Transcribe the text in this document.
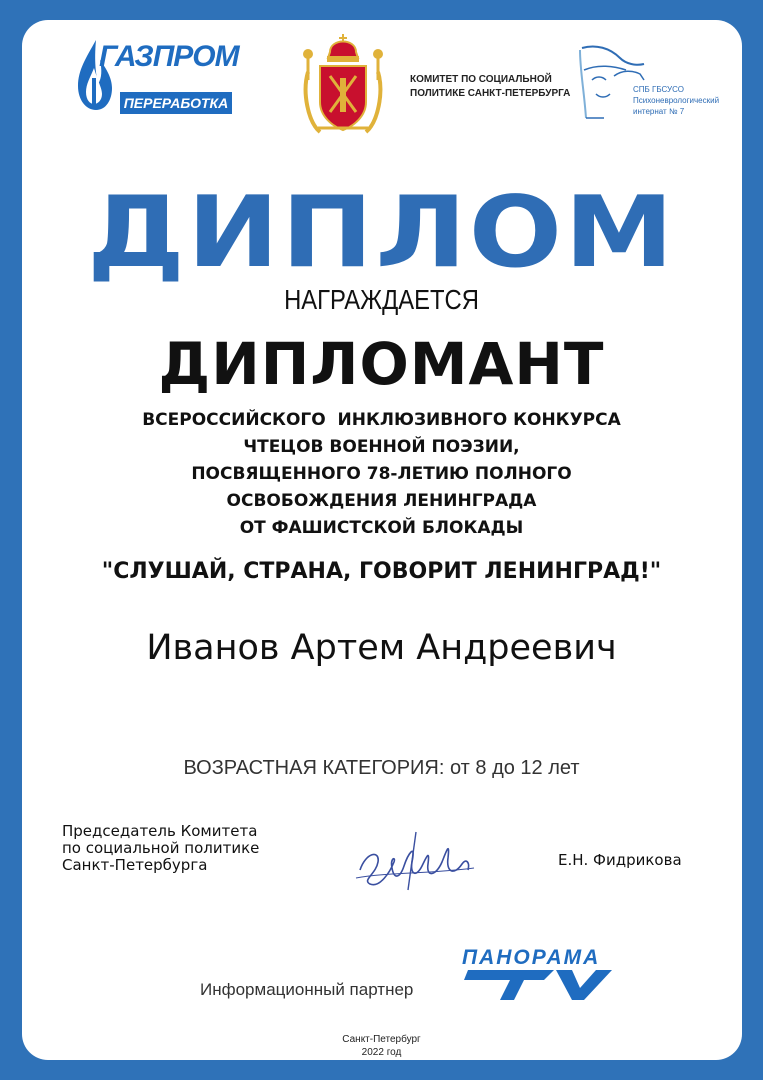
ГАЗПРОМ
ПЕРЕРАБОТКА
КОМИТЕТ ПО СОЦИАЛЬНОЙ
ПОЛИТИКЕ САНКТ-ПЕТЕРБУРГА	СПБ ГБСУСО
Психоневрологический
интернат № 7
ДИПЛОМ
НАГРАЖДАЕТСЯ
ДИПЛОМАНТ
ВСЕРОССИЙСКОГО  ИНКЛЮЗИВНОГО КОНКУРСА
ЧТЕЦОВ ВОЕННОЙ ПОЭЗИИ,
ПОСВЯЩЕННОГО 78-ЛЕТИЮ ПОЛНОГО
ОСВОБОЖДЕНИЯ ЛЕНИНГРАДА
ОТ ФАШИСТСКОЙ БЛОКАДЫ
"СЛУШАЙ, СТРАНА, ГОВОРИТ ЛЕНИНГРАД!"
Иванов Артем Андреевич
ВОЗРАСТНАЯ КАТЕГОРИЯ: от 8 до 12 лет
Председатель Комитета
по социальной политике
Санкт-Петербурга	Е.Н. Фидрикова
Информационный партнер
ПАНОРАМА
Санкт-Петербург
2022 год
